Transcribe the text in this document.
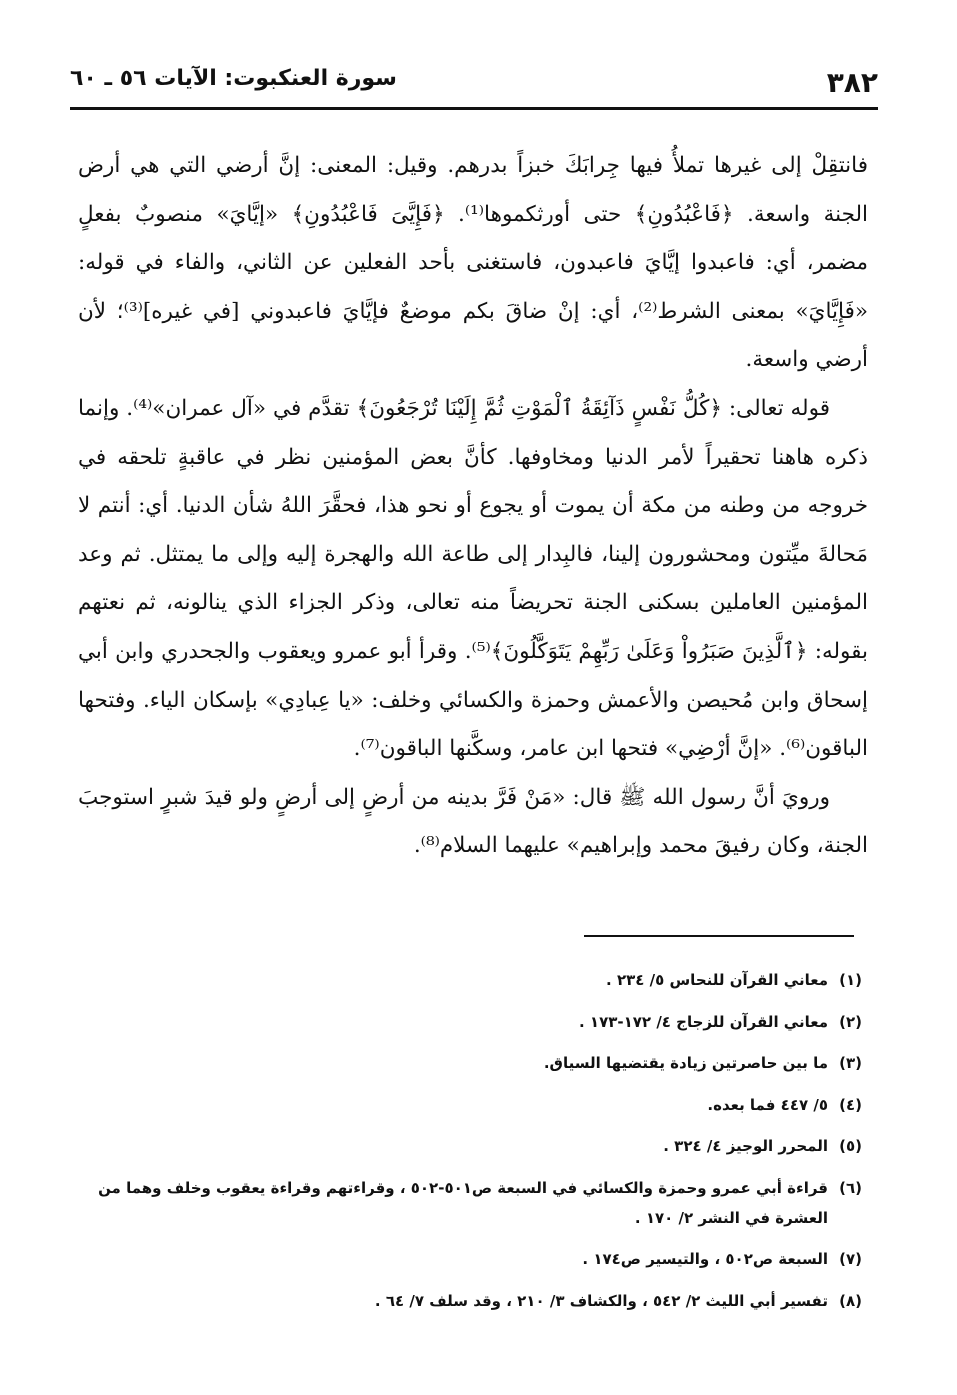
٣٨٢
سورة العنكبوت: الآيات ٥٦ ـ ٦٠

فانتقِلْ إلى غيرها تملأُ فيها جِرابَكَ خبزاً بدرهم. وقيل: المعنى: إنَّ أرضي التي هي أرض الجنة واسعة. ﴿فَاعْبُدُونِ﴾ حتى أورثكموها⁽¹⁾. ﴿فَإِيَّىَ فَاعْبُدُونِ﴾ «إيَّايَ» منصوبٌ بفعلٍ مضمر، أي: فاعبدوا إيَّايَ فاعبدون، فاستغنى بأحد الفعلين عن الثاني، والفاء في قوله: «فَإِيَّايَ» بمعنى الشرط⁽²⁾، أي: إنْ ضاقَ بكم موضعٌ فإيَّايَ فاعبدوني [في غيره]⁽³⁾؛ لأن أرضي واسعة.

قوله تعالى: ﴿كُلُّ نَفْسٍ ذَآئِقَةُ ٱلْمَوْتِ ثُمَّ إِلَيْنَا تُرْجَعُونَ﴾ تقدَّم في «آل عمران»⁽⁴⁾. وإنما ذكره هاهنا تحقيراً لأمر الدنيا ومخاوفها. كأنَّ بعض المؤمنين نظر في عاقبةٍ تلحقه في خروجه من وطنه من مكة أن يموت أو يجوع أو نحو هذا، فحقَّرَ اللهُ شأن الدنيا. أي: أنتم لا مَحالةَ ميِّتون ومحشورون إلينا، فالبِدار إلى طاعة الله والهجرة إليه وإلى ما يمتثل. ثم وعد المؤمنين العاملين بسكنى الجنة تحريضاً منه تعالى، وذكر الجزاء الذي ينالونه، ثم نعتهم بقوله: ﴿ٱلَّذِينَ صَبَرُواْ وَعَلَىٰ رَبِّهِمْ يَتَوَكَّلُونَ﴾⁽⁵⁾. وقرأ أبو عمرو ويعقوب والجحدري وابن أبي إسحاق وابن مُحيصن والأعمش وحمزة والكسائي وخلف: «يا عِبادِي» بإسكان الياء. وفتحها الباقون⁽⁶⁾. «إنَّ أرْضِي» فتحها ابن عامر، وسكَّنها الباقون⁽⁷⁾.

ورويَ أنَّ رسول الله ﷺ قال: «مَنْ فَرَّ بدينه من أرضٍ إلى أرضٍ ولو قيدَ شبرٍ استوجبَ الجنة، وكان رفيقَ محمد وإبراهيم» عليهما السلام⁽⁸⁾.

(١)
معاني القرآن للنحاس ٥/ ٢٣٤ .
(٢)
معاني القرآن للزجاج ٤/ ١٧٢-١٧٣ .
(٣)
ما بين حاصرتين زيادة يقتضيها السياق.
(٤)
٥/ ٤٤٧ فما بعده.
(٥)
المحرر الوجيز ٤/ ٣٢٤ .
(٦)
قراءة أبي عمرو وحمزة والكسائي في السبعة ص٥٠١-٥٠٢ ، وقراءتهم وقراءة يعقوب وخلف وهما من العشرة في النشر ٢/ ١٧٠ .
(٧)
السبعة ص٥٠٢ ، والتيسير ص١٧٤ .
(٨)
تفسير أبي الليث ٢/ ٥٤٢ ، والكشاف ٣/ ٢١٠ ، وقد سلف ٧/ ٦٤ .
